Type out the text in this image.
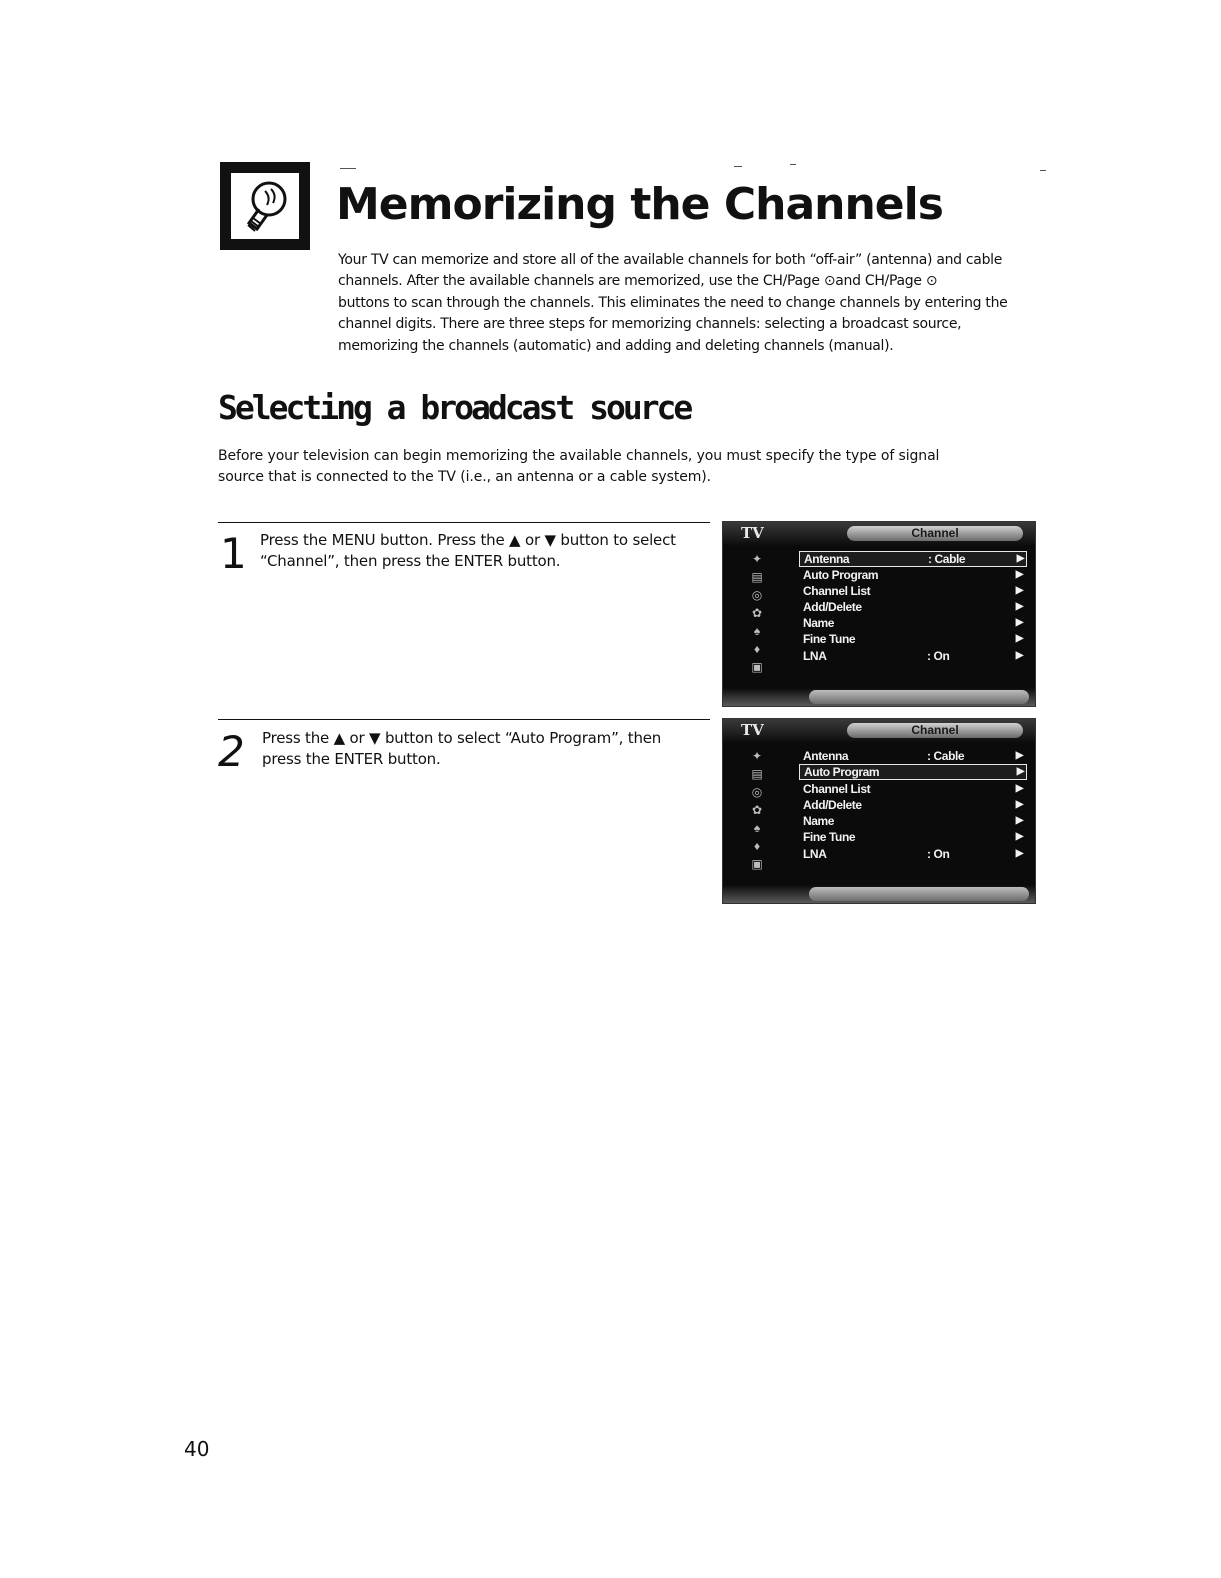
Memorizing the Channels
Your TV can memorize and store all of the available channels for both “off-air” (antenna) and cable
channels. After the available channels are memorized, use the CH/Page ⊙and CH/Page ⊙
buttons to scan through the channels. This eliminates the need to change channels by entering the
channel digits. There are three steps for memorizing channels: selecting a broadcast source,
memorizing the channels (automatic) and adding and deleting channels (manual).
Selecting a broadcast source
Before your television can begin memorizing the available channels, you must specify the type of signal
source that is connected to the TV (i.e., an antenna or a cable system).
1 Press the MENU button. Press the ▲ or ▼ button to select
“Channel”, then press the ENTER button.
TV	Channel
✦
▤
◎
✿
♠
♦
▣
Antenna	: Cable	▶
Auto Program	▶
Channel List	▶
Add/Delete	▶
Name	▶
Fine Tune	▶
LNA	: On	▶
2 Press the ▲ or ▼ button to select “Auto Program”, then
press the ENTER button.
TV	Channel
✦
▤
◎
✿
♠
♦
▣
Antenna	: Cable	▶
Auto Program	▶
Channel List	▶
Add/Delete	▶
Name	▶
Fine Tune	▶
LNA	: On	▶
40
